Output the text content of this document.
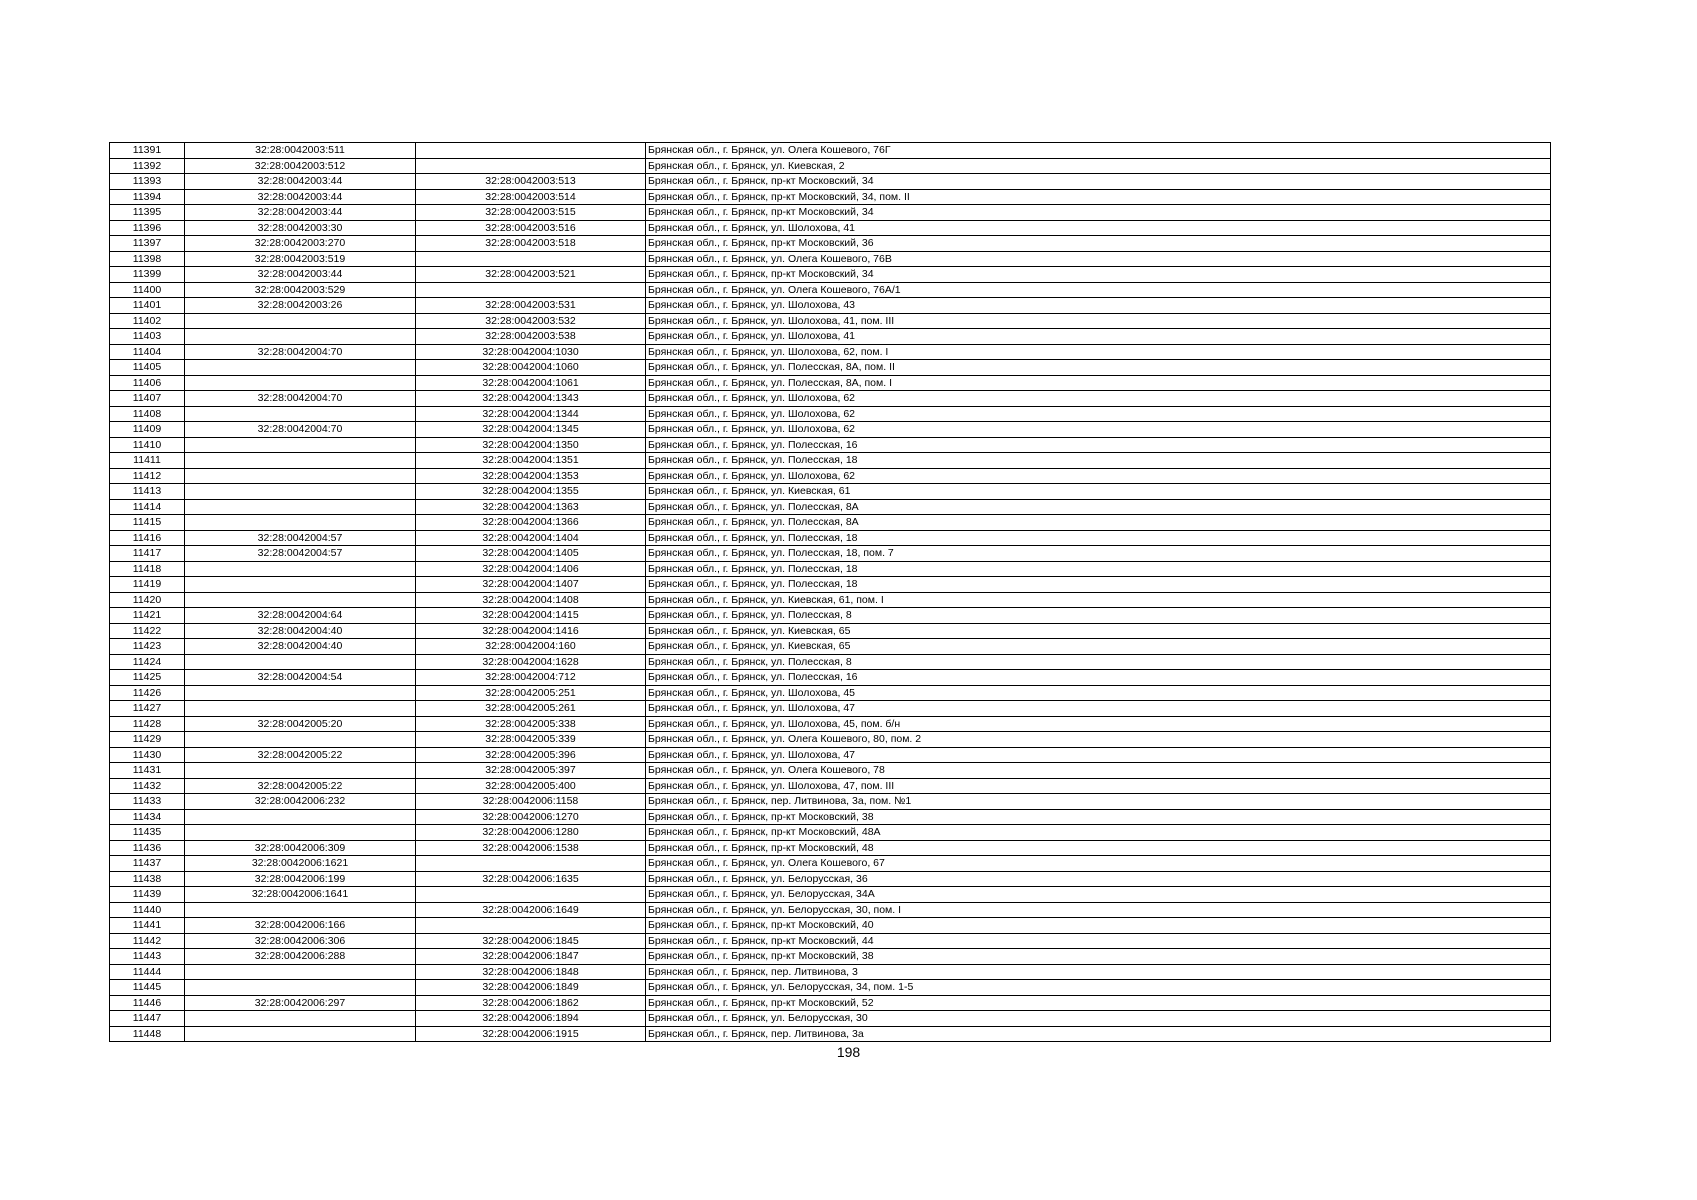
11391	32:28:0042003:511		Брянская обл., г. Брянск, ул. Олега Кошевого, 76Г
11392	32:28:0042003:512		Брянская обл., г. Брянск, ул. Киевская, 2
11393	32:28:0042003:44	32:28:0042003:513	Брянская обл., г. Брянск, пр-кт Московский, 34
11394	32:28:0042003:44	32:28:0042003:514	Брянская обл., г. Брянск, пр-кт Московский, 34, пом. II
11395	32:28:0042003:44	32:28:0042003:515	Брянская обл., г. Брянск, пр-кт Московский, 34
11396	32:28:0042003:30	32:28:0042003:516	Брянская обл., г. Брянск, ул. Шолохова, 41
11397	32:28:0042003:270	32:28:0042003:518	Брянская обл., г. Брянск, пр-кт Московский, 36
11398	32:28:0042003:519		Брянская обл., г. Брянск, ул. Олега Кошевого, 76В
11399	32:28:0042003:44	32:28:0042003:521	Брянская обл., г. Брянск, пр-кт Московский, 34
11400	32:28:0042003:529		Брянская обл., г. Брянск, ул. Олега Кошевого, 76А/1
11401	32:28:0042003:26	32:28:0042003:531	Брянская обл., г. Брянск, ул. Шолохова, 43
11402		32:28:0042003:532	Брянская обл., г. Брянск, ул. Шолохова, 41, пом. III
11403		32:28:0042003:538	Брянская обл., г. Брянск, ул. Шолохова, 41
11404	32:28:0042004:70	32:28:0042004:1030	Брянская обл., г. Брянск, ул. Шолохова, 62, пом. I
11405		32:28:0042004:1060	Брянская обл., г. Брянск, ул. Полесская, 8А, пом. II
11406		32:28:0042004:1061	Брянская обл., г. Брянск, ул. Полесская, 8А, пом. I
11407	32:28:0042004:70	32:28:0042004:1343	Брянская обл., г. Брянск, ул. Шолохова, 62
11408		32:28:0042004:1344	Брянская обл., г. Брянск, ул. Шолохова, 62
11409	32:28:0042004:70	32:28:0042004:1345	Брянская обл., г. Брянск, ул. Шолохова, 62
11410		32:28:0042004:1350	Брянская обл., г. Брянск, ул. Полесская, 16
11411		32:28:0042004:1351	Брянская обл., г. Брянск, ул. Полесская, 18
11412		32:28:0042004:1353	Брянская обл., г. Брянск, ул. Шолохова, 62
11413		32:28:0042004:1355	Брянская обл., г. Брянск, ул. Киевская, 61
11414		32:28:0042004:1363	Брянская обл., г. Брянск, ул. Полесская, 8А
11415		32:28:0042004:1366	Брянская обл., г. Брянск, ул. Полесская, 8А
11416	32:28:0042004:57	32:28:0042004:1404	Брянская обл., г. Брянск, ул. Полесская, 18
11417	32:28:0042004:57	32:28:0042004:1405	Брянская обл., г. Брянск, ул. Полесская, 18, пом. 7
11418		32:28:0042004:1406	Брянская обл., г. Брянск, ул. Полесская, 18
11419		32:28:0042004:1407	Брянская обл., г. Брянск, ул. Полесская, 18
11420		32:28:0042004:1408	Брянская обл., г. Брянск, ул. Киевская, 61, пом. I
11421	32:28:0042004:64	32:28:0042004:1415	Брянская обл., г. Брянск, ул. Полесская, 8
11422	32:28:0042004:40	32:28:0042004:1416	Брянская обл., г. Брянск, ул. Киевская, 65
11423	32:28:0042004:40	32:28:0042004:160	Брянская обл., г. Брянск, ул. Киевская, 65
11424		32:28:0042004:1628	Брянская обл., г. Брянск, ул. Полесская, 8
11425	32:28:0042004:54	32:28:0042004:712	Брянская обл., г. Брянск, ул. Полесская, 16
11426		32:28:0042005:251	Брянская обл., г. Брянск, ул. Шолохова, 45
11427		32:28:0042005:261	Брянская обл., г. Брянск, ул. Шолохова, 47
11428	32:28:0042005:20	32:28:0042005:338	Брянская обл., г. Брянск, ул. Шолохова, 45, пом. б/н
11429		32:28:0042005:339	Брянская обл., г. Брянск, ул. Олега Кошевого, 80, пом. 2
11430	32:28:0042005:22	32:28:0042005:396	Брянская обл., г. Брянск, ул. Шолохова, 47
11431		32:28:0042005:397	Брянская обл., г. Брянск, ул. Олега Кошевого, 78
11432	32:28:0042005:22	32:28:0042005:400	Брянская обл., г. Брянск, ул. Шолохова, 47, пом. III
11433	32:28:0042006:232	32:28:0042006:1158	Брянская обл., г. Брянск, пер. Литвинова, 3а, пом. №1
11434		32:28:0042006:1270	Брянская обл., г. Брянск, пр-кт Московский, 38
11435		32:28:0042006:1280	Брянская обл., г. Брянск, пр-кт Московский, 48А
11436	32:28:0042006:309	32:28:0042006:1538	Брянская обл., г. Брянск, пр-кт Московский, 48
11437	32:28:0042006:1621		Брянская обл., г. Брянск, ул. Олега Кошевого, 67
11438	32:28:0042006:199	32:28:0042006:1635	Брянская обл., г. Брянск, ул. Белорусская, 36
11439	32:28:0042006:1641		Брянская обл., г. Брянск, ул. Белорусская, 34А
11440		32:28:0042006:1649	Брянская обл., г. Брянск, ул. Белорусская, 30, пом. I
11441	32:28:0042006:166		Брянская обл., г. Брянск, пр-кт Московский, 40
11442	32:28:0042006:306	32:28:0042006:1845	Брянская обл., г. Брянск, пр-кт Московский, 44
11443	32:28:0042006:288	32:28:0042006:1847	Брянская обл., г. Брянск, пр-кт Московский, 38
11444		32:28:0042006:1848	Брянская обл., г. Брянск, пер. Литвинова, 3
11445		32:28:0042006:1849	Брянская обл., г. Брянск, ул. Белорусская, 34, пом. 1-5
11446	32:28:0042006:297	32:28:0042006:1862	Брянская обл., г. Брянск, пр-кт Московский, 52
11447		32:28:0042006:1894	Брянская обл., г. Брянск, ул. Белорусская, 30
11448		32:28:0042006:1915	Брянская обл., г. Брянск, пер. Литвинова, 3а
198
